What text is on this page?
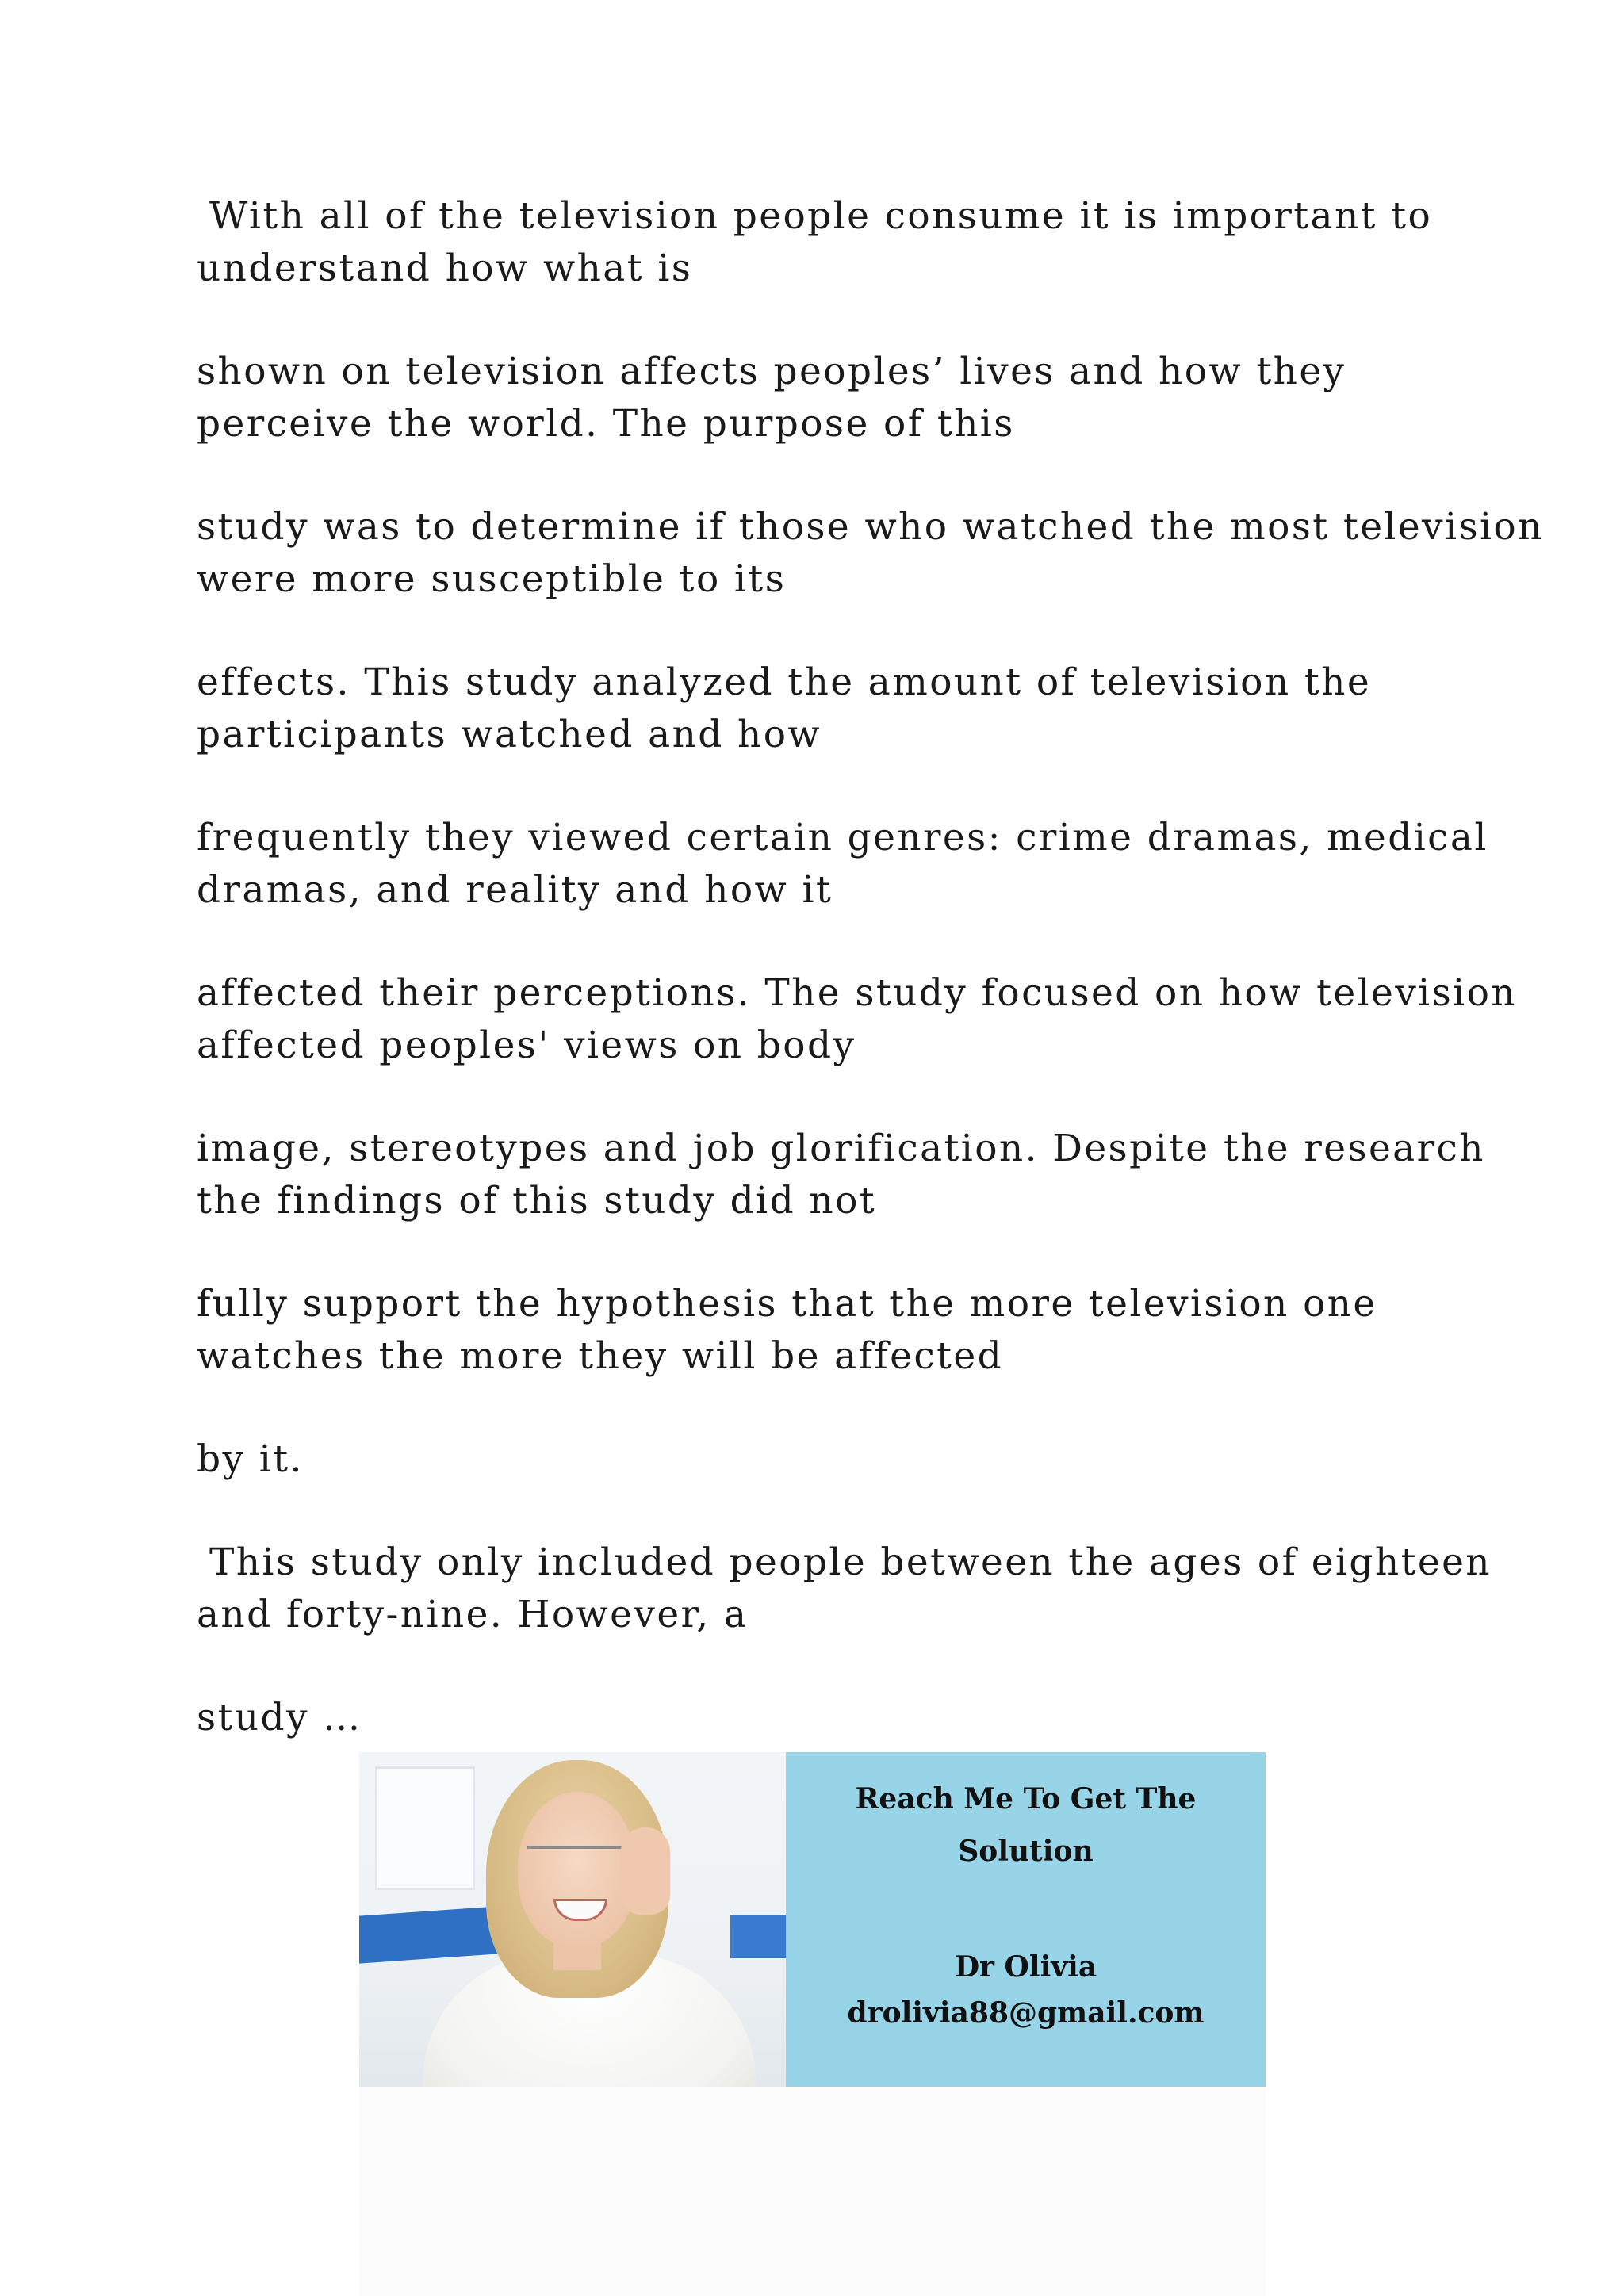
With all of the television people consume it is important to
understand how what is

shown on television affects peoples’ lives and how they
perceive the world. The purpose of this

study was to determine if those who watched the most television
were more susceptible to its

effects. This study analyzed the amount of television the
participants watched and how

frequently they viewed certain genres: crime dramas, medical
dramas, and reality and how it

affected their perceptions. The study focused on how television
affected peoples' views on body

image, stereotypes and job glorification. Despite the research
the findings of this study did not

fully support the hypothesis that the more television one
watches the more they will be affected

by it.

This study only included people between the ages of eighteen
and forty-nine. However, a

study …

Reach Me To Get The
Solution
Dr Olivia
drolivia88@gmail.com
